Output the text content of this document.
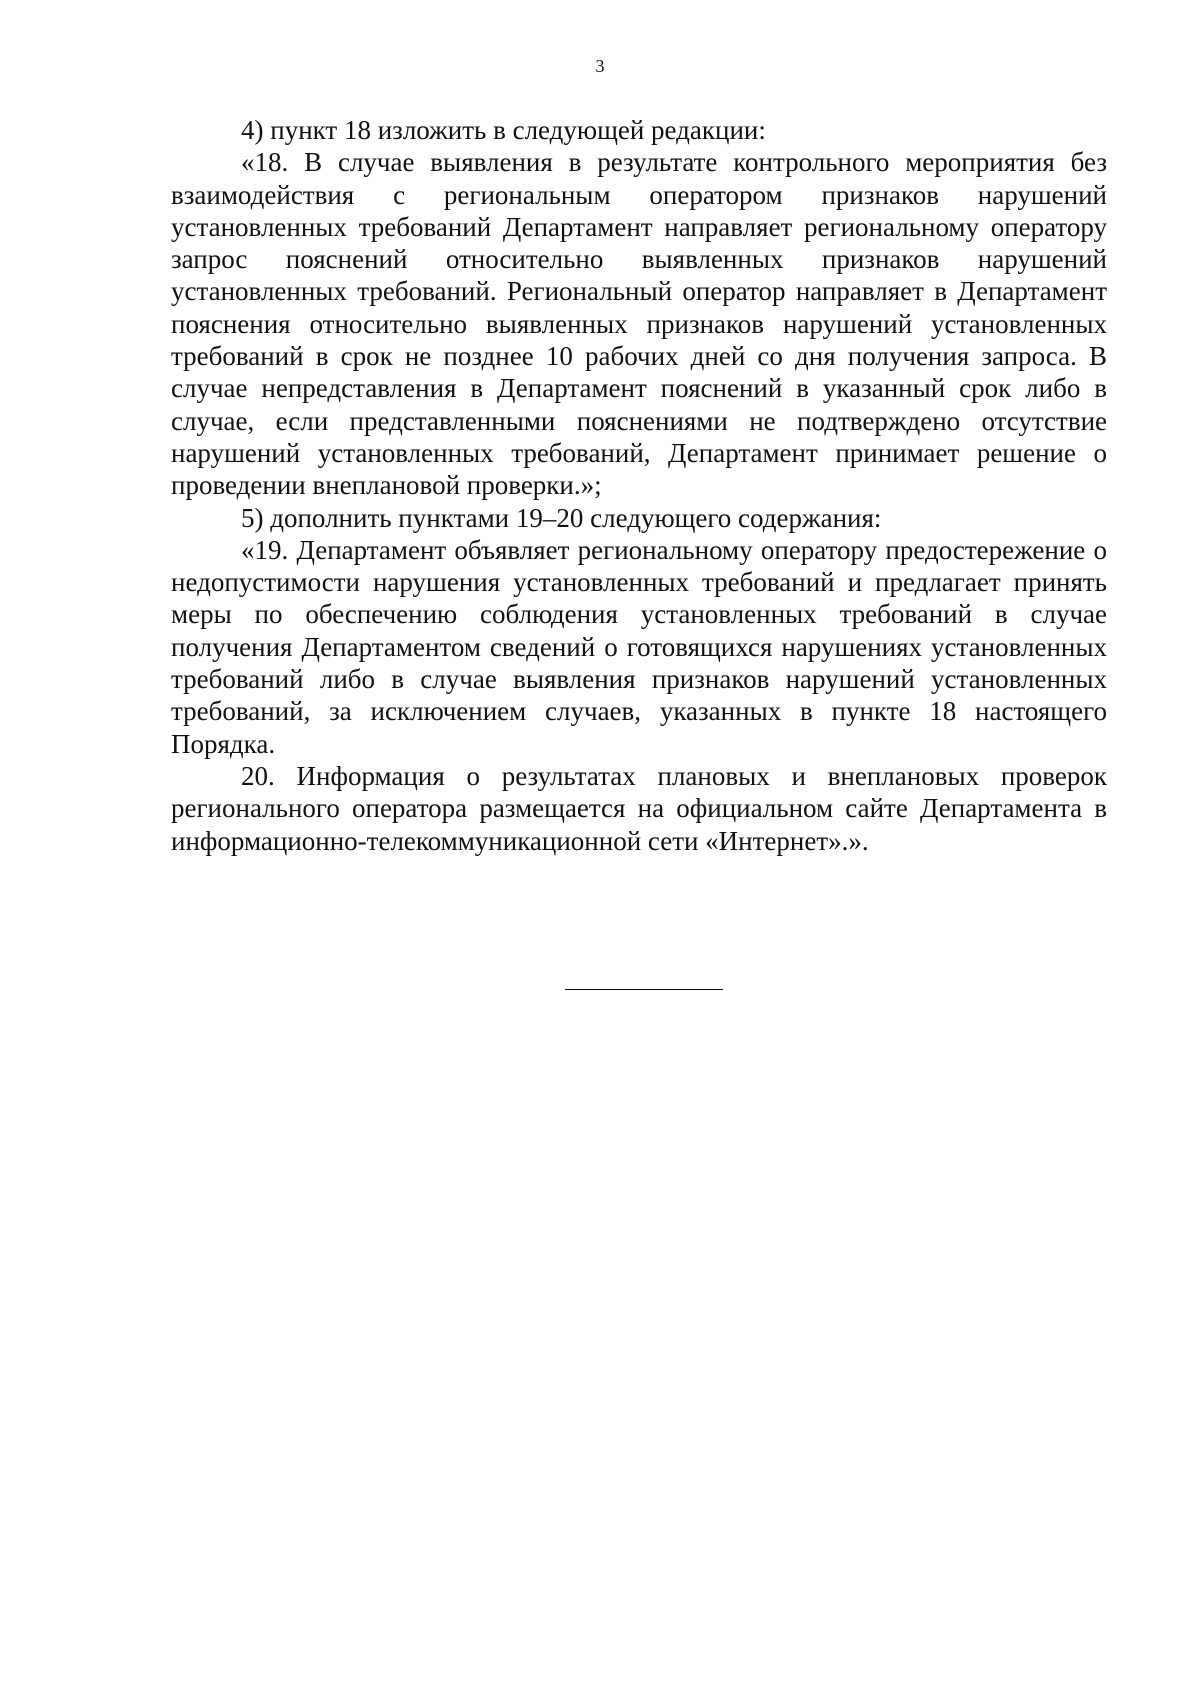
3

4) пункт 18 изложить в следующей редакции:

«18. В случае выявления в результате контрольного мероприятия без взаимодействия с региональным оператором признаков нарушений установленных требований Департамент направляет региональному оператору запрос пояснений относительно выявленных признаков нарушений установленных требований. Региональный оператор направляет в Департамент пояснения относительно выявленных признаков нарушений установленных требований в срок не позднее 10 рабочих дней со дня получения запроса. В случае непредставления в Департамент пояснений в указанный срок либо в случае, если представленными пояснениями не подтверждено отсутствие нарушений установленных требований, Департамент принимает решение о проведении внеплановой проверки.»;

5) дополнить пунктами 19–20 следующего содержания:

«19. Департамент объявляет региональному оператору предостережение о недопустимости нарушения установленных требований и предлагает принять меры по обеспечению соблюдения установленных требований в случае получения Департаментом сведений о готовящихся нарушениях установленных требований либо в случае выявления признаков нарушений установленных требований, за исключением случаев, указанных в пункте 18 настоящего Порядка.

20. Информация о результатах плановых и внеплановых проверок регионального оператора размещается на официальном сайте Департамента в информационно-телекоммуникационной сети «Интернет».».
